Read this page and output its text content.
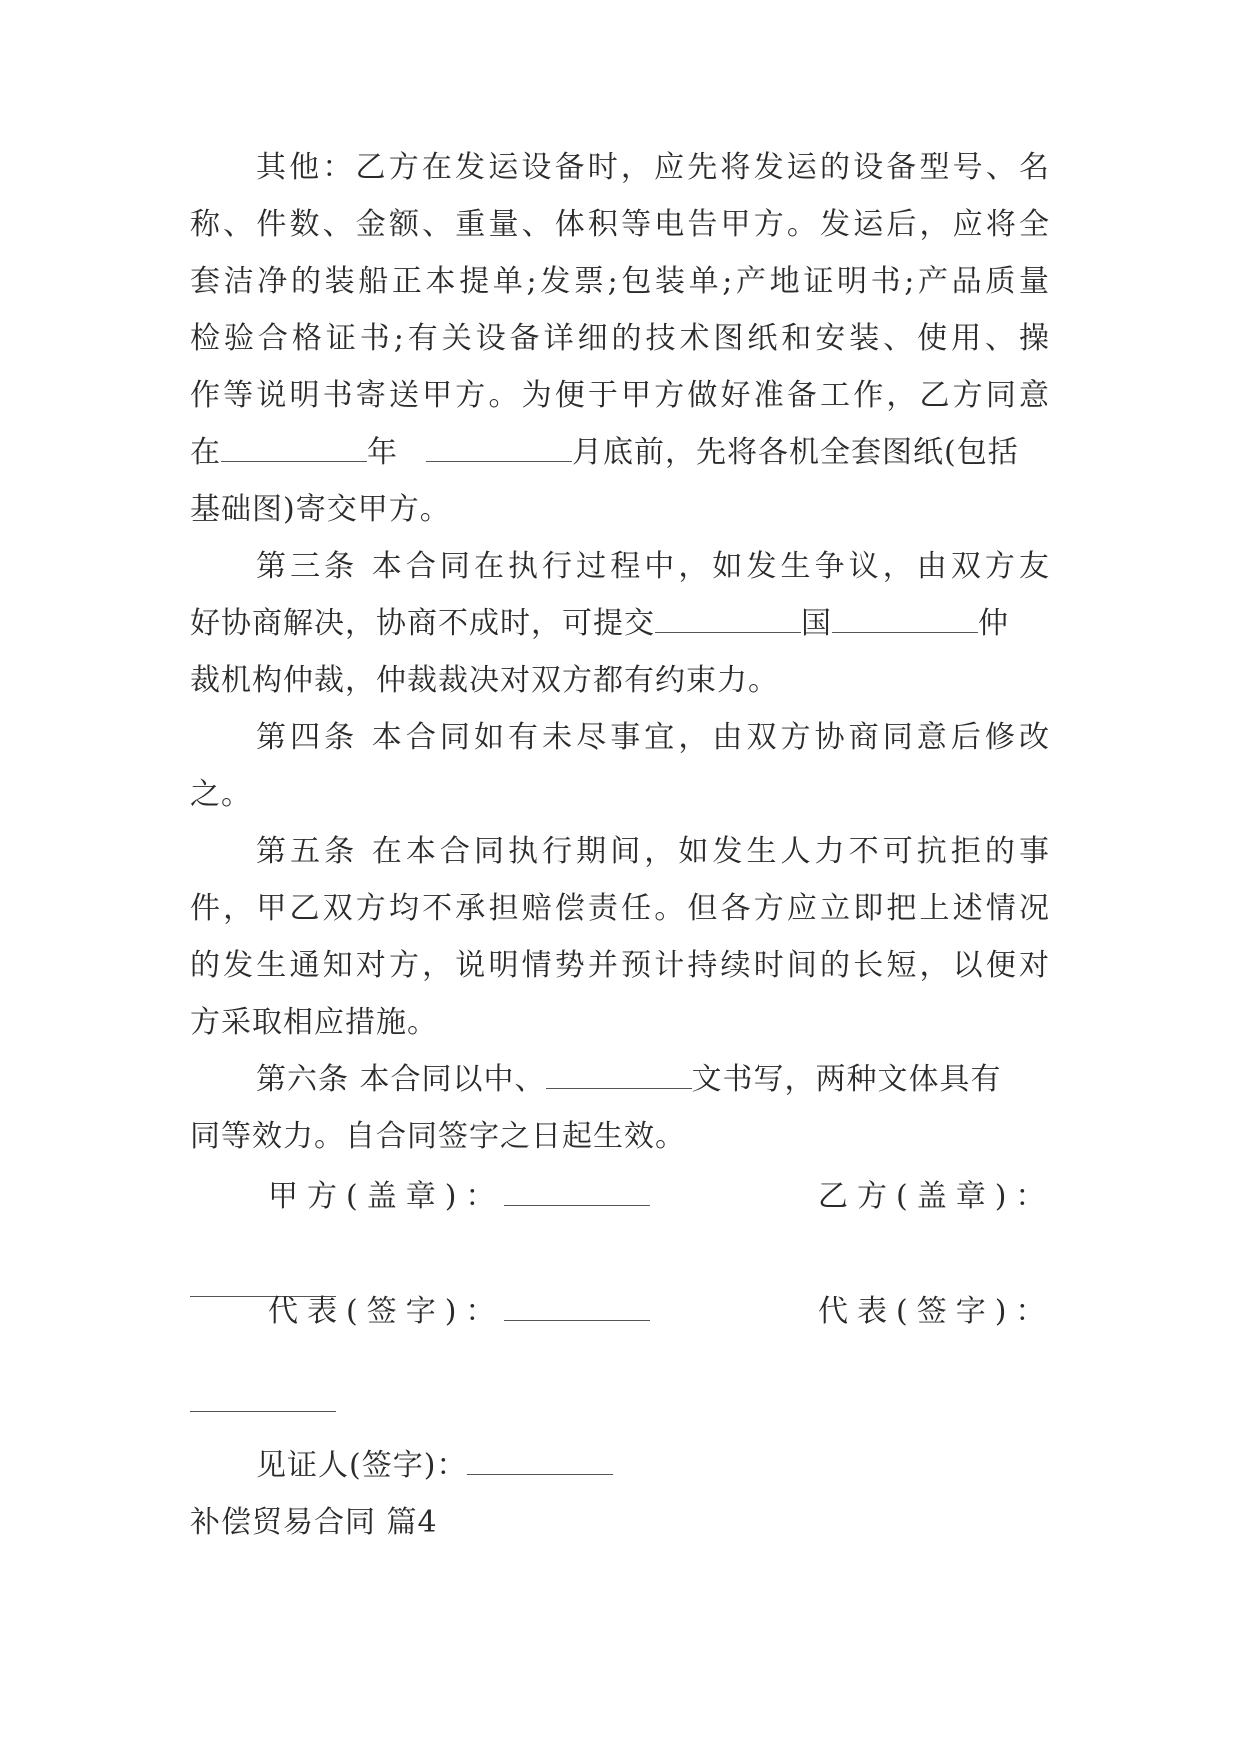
其他：乙方在发运设备时，应先将发运的设备型号、名
称、件数、金额、重量、体积等电告甲方。发运后，应将全
套洁净的装船正本提单;发票;包装单;产地证明书;产品质量
检验合格证书;有关设备详细的技术图纸和安装、使用、操
作等说明书寄送甲方。为便于甲方做好准备工作，乙方同意
在	年	月底前，先将各机全套图纸(包括
基础图)寄交甲方。
第三条 本合同在执行过程中，如发生争议，由双方友
好协商解决，协商不成时，可提交	国	仲
裁机构仲裁，仲裁裁决对双方都有约束力。
第四条 本合同如有未尽事宜，由双方协商同意后修改
之。
第五条 在本合同执行期间，如发生人力不可抗拒的事
件，甲乙双方均不承担赔偿责任。但各方应立即把上述情况
的发生通知对方，说明情势并预计持续时间的长短，以便对
方采取相应措施。
第六条 本合同以中、	文书写，两种文体具有
同等效力。自合同签字之日起生效。
甲方(盖章)：	乙方(盖章)：
代表(签字)：	代表(签字)：
见证人(签字)：
补偿贸易合同 篇4
